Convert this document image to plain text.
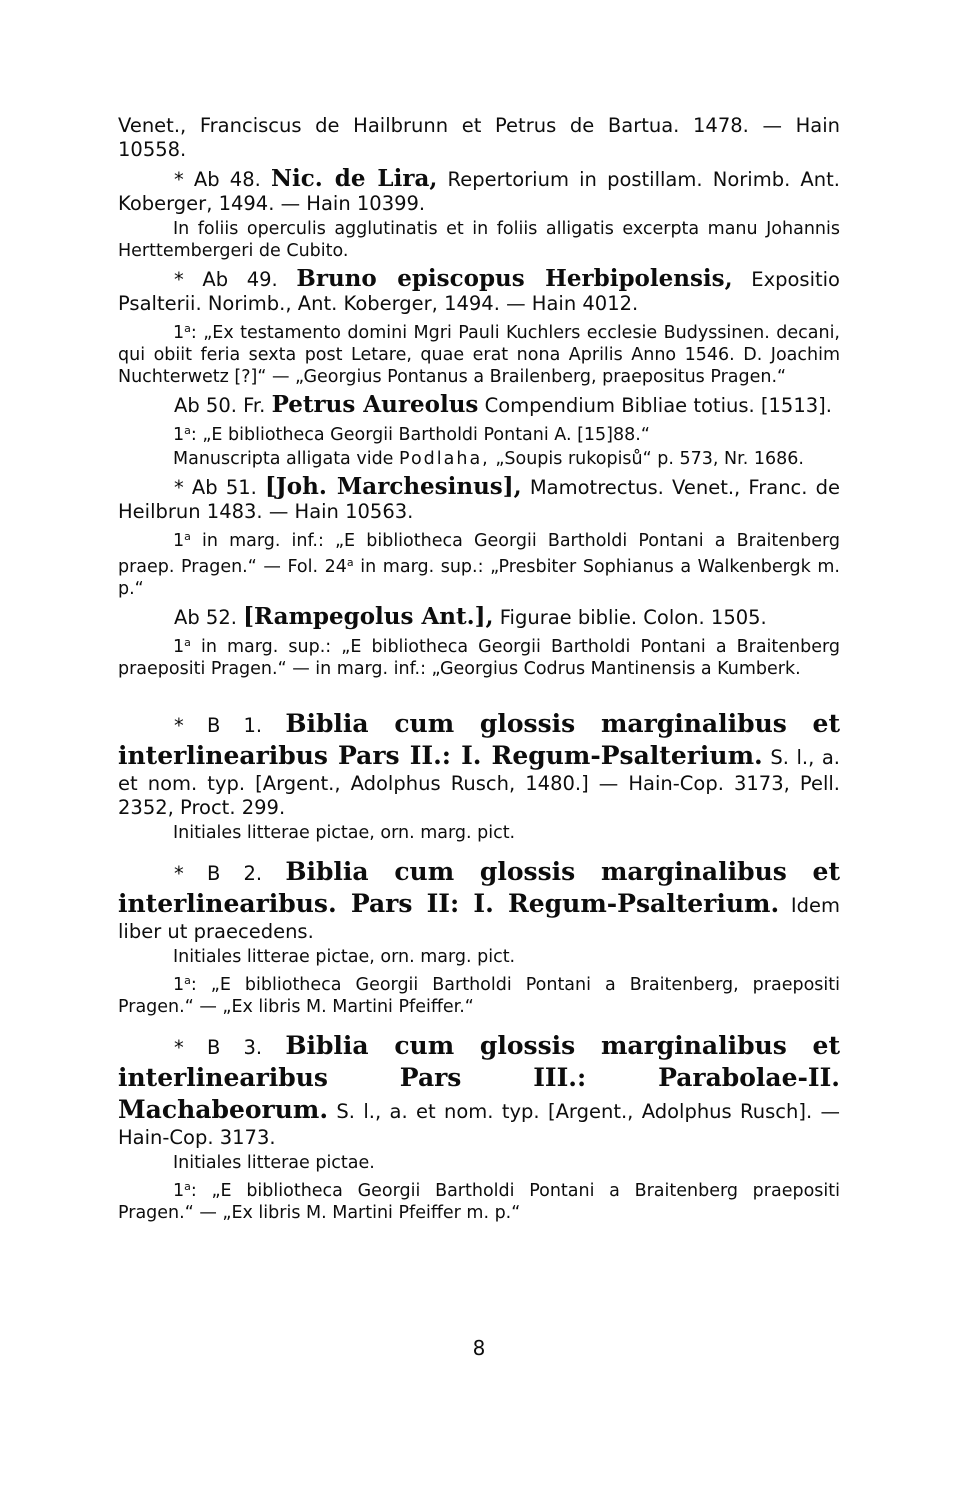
Venet., Franciscus de Hailbrunn et Petrus de Bartua. 1478. — Hain 10558.
* Ab 48. Nic. de Lira, Repertorium in postillam. Norimb. Ant. Koberger, 1494. — Hain 10399.
In foliis operculis agglutinatis et in foliis alligatis excerpta manu Johannis Herttembergeri de Cubito.
* Ab 49. Bruno episcopus Herbipolensis, Expositio Psalterii. Norimb., Ant. Koberger, 1494. — Hain 4012.
1$^a$: „Ex testamento domini Mgri Pauli Kuchlers ecclesie Budyssinen. decani, qui obiit feria sexta post Letare, quae erat nona Aprilis Anno 1546. D. Joachim Nuchterwetz [?]“ — „Georgius Pontanus a Brailenberg, praepositus Pragen.“
Ab 50. Fr. Petrus Aureolus Compendium Bibliae totius. [1513].
1$^a$: „E bibliotheca Georgii Bartholdi Pontani A. [15]88.“
Manuscripta alligata vide Podlaha, „Soupis rukopisů“ p. 573, Nr. 1686.
* Ab 51. [Joh. Marchesinus], Mamotrectus. Venet., Franc. de Heilbrun 1483. — Hain 10563.
1$^a$ in marg. inf.: „E bibliotheca Georgii Bartholdi Pontani a Braitenberg praep. Pragen.“ — Fol. 24$^a$ in marg. sup.: „Presbiter Sophianus a Walkenbergk m. p.“
Ab 52. [Rampegolus Ant.], Figurae biblie. Colon. 1505.
1$^a$ in marg. sup.: „E bibliotheca Georgii Bartholdi Pontani a Braitenberg praepositi Pragen.“ — in marg. inf.: „Georgius Codrus Mantinensis a Kumberk.
* B 1. Biblia cum glossis marginalibus et interlinearibus Pars II.: I. Regum-Psalterium. S. l., a. et nom. typ. [Argent., Adolphus Rusch, 1480.] — Hain-Cop. 3173, Pell. 2352, Proct. 299.
Initiales litterae pictae, orn. marg. pict.
* B 2. Biblia cum glossis marginalibus et interlinearibus. Pars II: I. Regum-Psalterium. Idem liber ut praecedens.
Initiales litterae pictae, orn. marg. pict.
1$^a$: „E bibliotheca Georgii Bartholdi Pontani a Braitenberg, praepositi Pragen.“ — „Ex libris M. Martini Pfeiffer.“
* B 3. Biblia cum glossis marginalibus et interlinearibus Pars III.: Parabolae-II. Machabeorum. S. l., a. et nom. typ. [Argent., Adolphus Rusch]. — Hain-Cop. 3173.
Initiales litterae pictae.
1$^a$: „E bibliotheca Georgii Bartholdi Pontani a Braitenberg praepositi Pragen.“ — „Ex libris M. Martini Pfeiffer m. p.“
8
